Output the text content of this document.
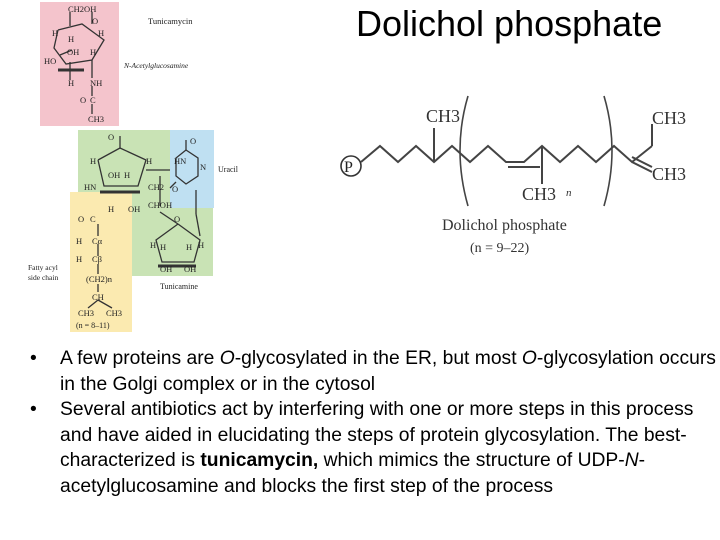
Dolichol phosphate
CH2OH
H
H
H
O
OH H
HO
H NH
O C
CH3
Tunicamycin
N-Acetylglucosamine
O
H	H
OH H
HN	CH2
H OH CHOH
O
H	H
H H
OH OH
O
HN
N
O
Uracil
Tunicamine
O C
H Cα
H Cβ
(CH2)n
CH
CH3 CH3
(n = 8–11)
Fatty acyl
side chain
P
CH3
CH3
CH3
CH3
n
Dolichol phosphate
(n = 9–22)
• A few proteins are O-glycosylated in the ER, but most O-glycosylation occurs in the Golgi complex or in the cytosol
• Several antibiotics act by interfering with one or more steps in this process and have aided in elucidating the steps of protein glycosylation. The best-characterized is tunicamycin, which mimics the structure of UDP-N-acetylglucosamine and blocks the first step of the process
